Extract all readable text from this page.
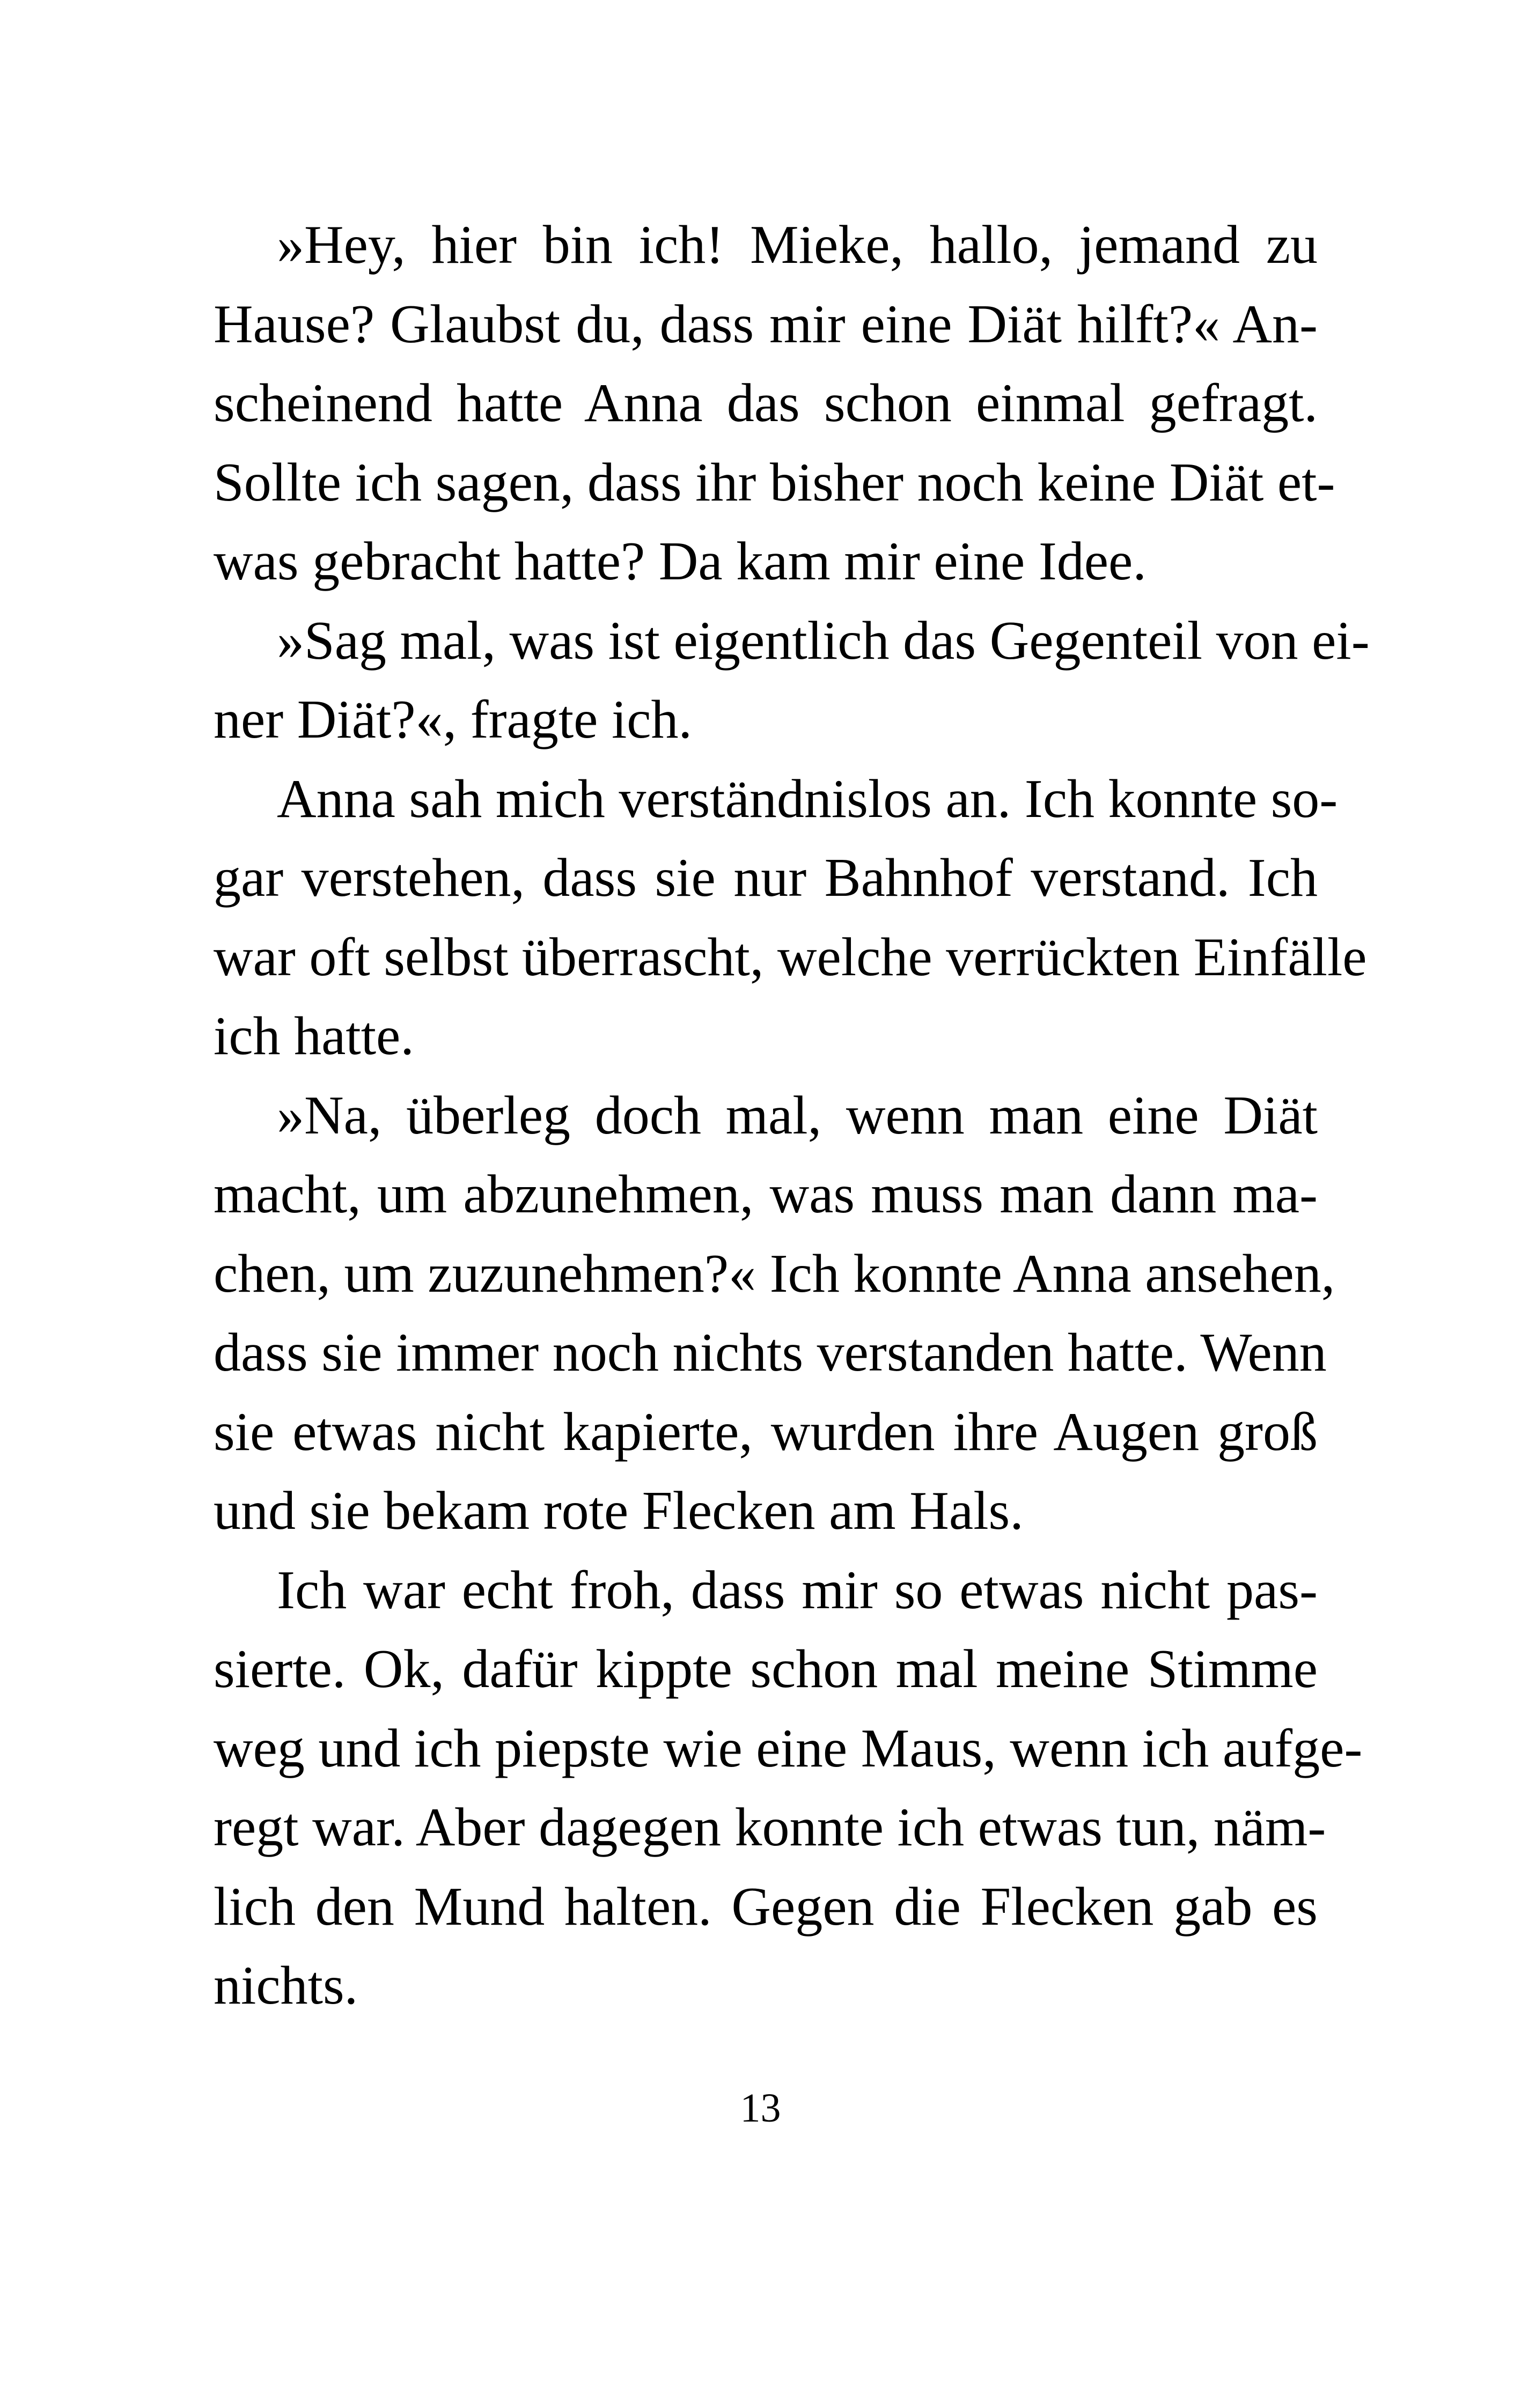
»Hey, hier bin ich! Mieke, hallo, jemand zu
Hause? Glaubst du, dass mir eine Diät hilft?« An-
scheinend hatte Anna das schon einmal gefragt.
Sollte ich sagen, dass ihr bisher noch keine Diät et-
was gebracht hatte? Da kam mir eine Idee.
»Sag mal, was ist eigentlich das Gegenteil von ei-
ner Diät?«, fragte ich.
Anna sah mich verständnislos an. Ich konnte so-
gar verstehen, dass sie nur Bahnhof verstand. Ich
war oft selbst überrascht, welche verrückten Einfälle
ich hatte.
»Na, überleg doch mal, wenn man eine Diät
macht, um abzunehmen, was muss man dann ma-
chen, um zuzunehmen?« Ich konnte Anna ansehen,
dass sie immer noch nichts verstanden hatte. Wenn
sie etwas nicht kapierte, wurden ihre Augen groß
und sie bekam rote Flecken am Hals.
Ich war echt froh, dass mir so etwas nicht pas-
sierte. Ok, dafür kippte schon mal meine Stimme
weg und ich piepste wie eine Maus, wenn ich aufge-
regt war. Aber dagegen konnte ich etwas tun, näm-
lich den Mund halten. Gegen die Flecken gab es
nichts.
13
